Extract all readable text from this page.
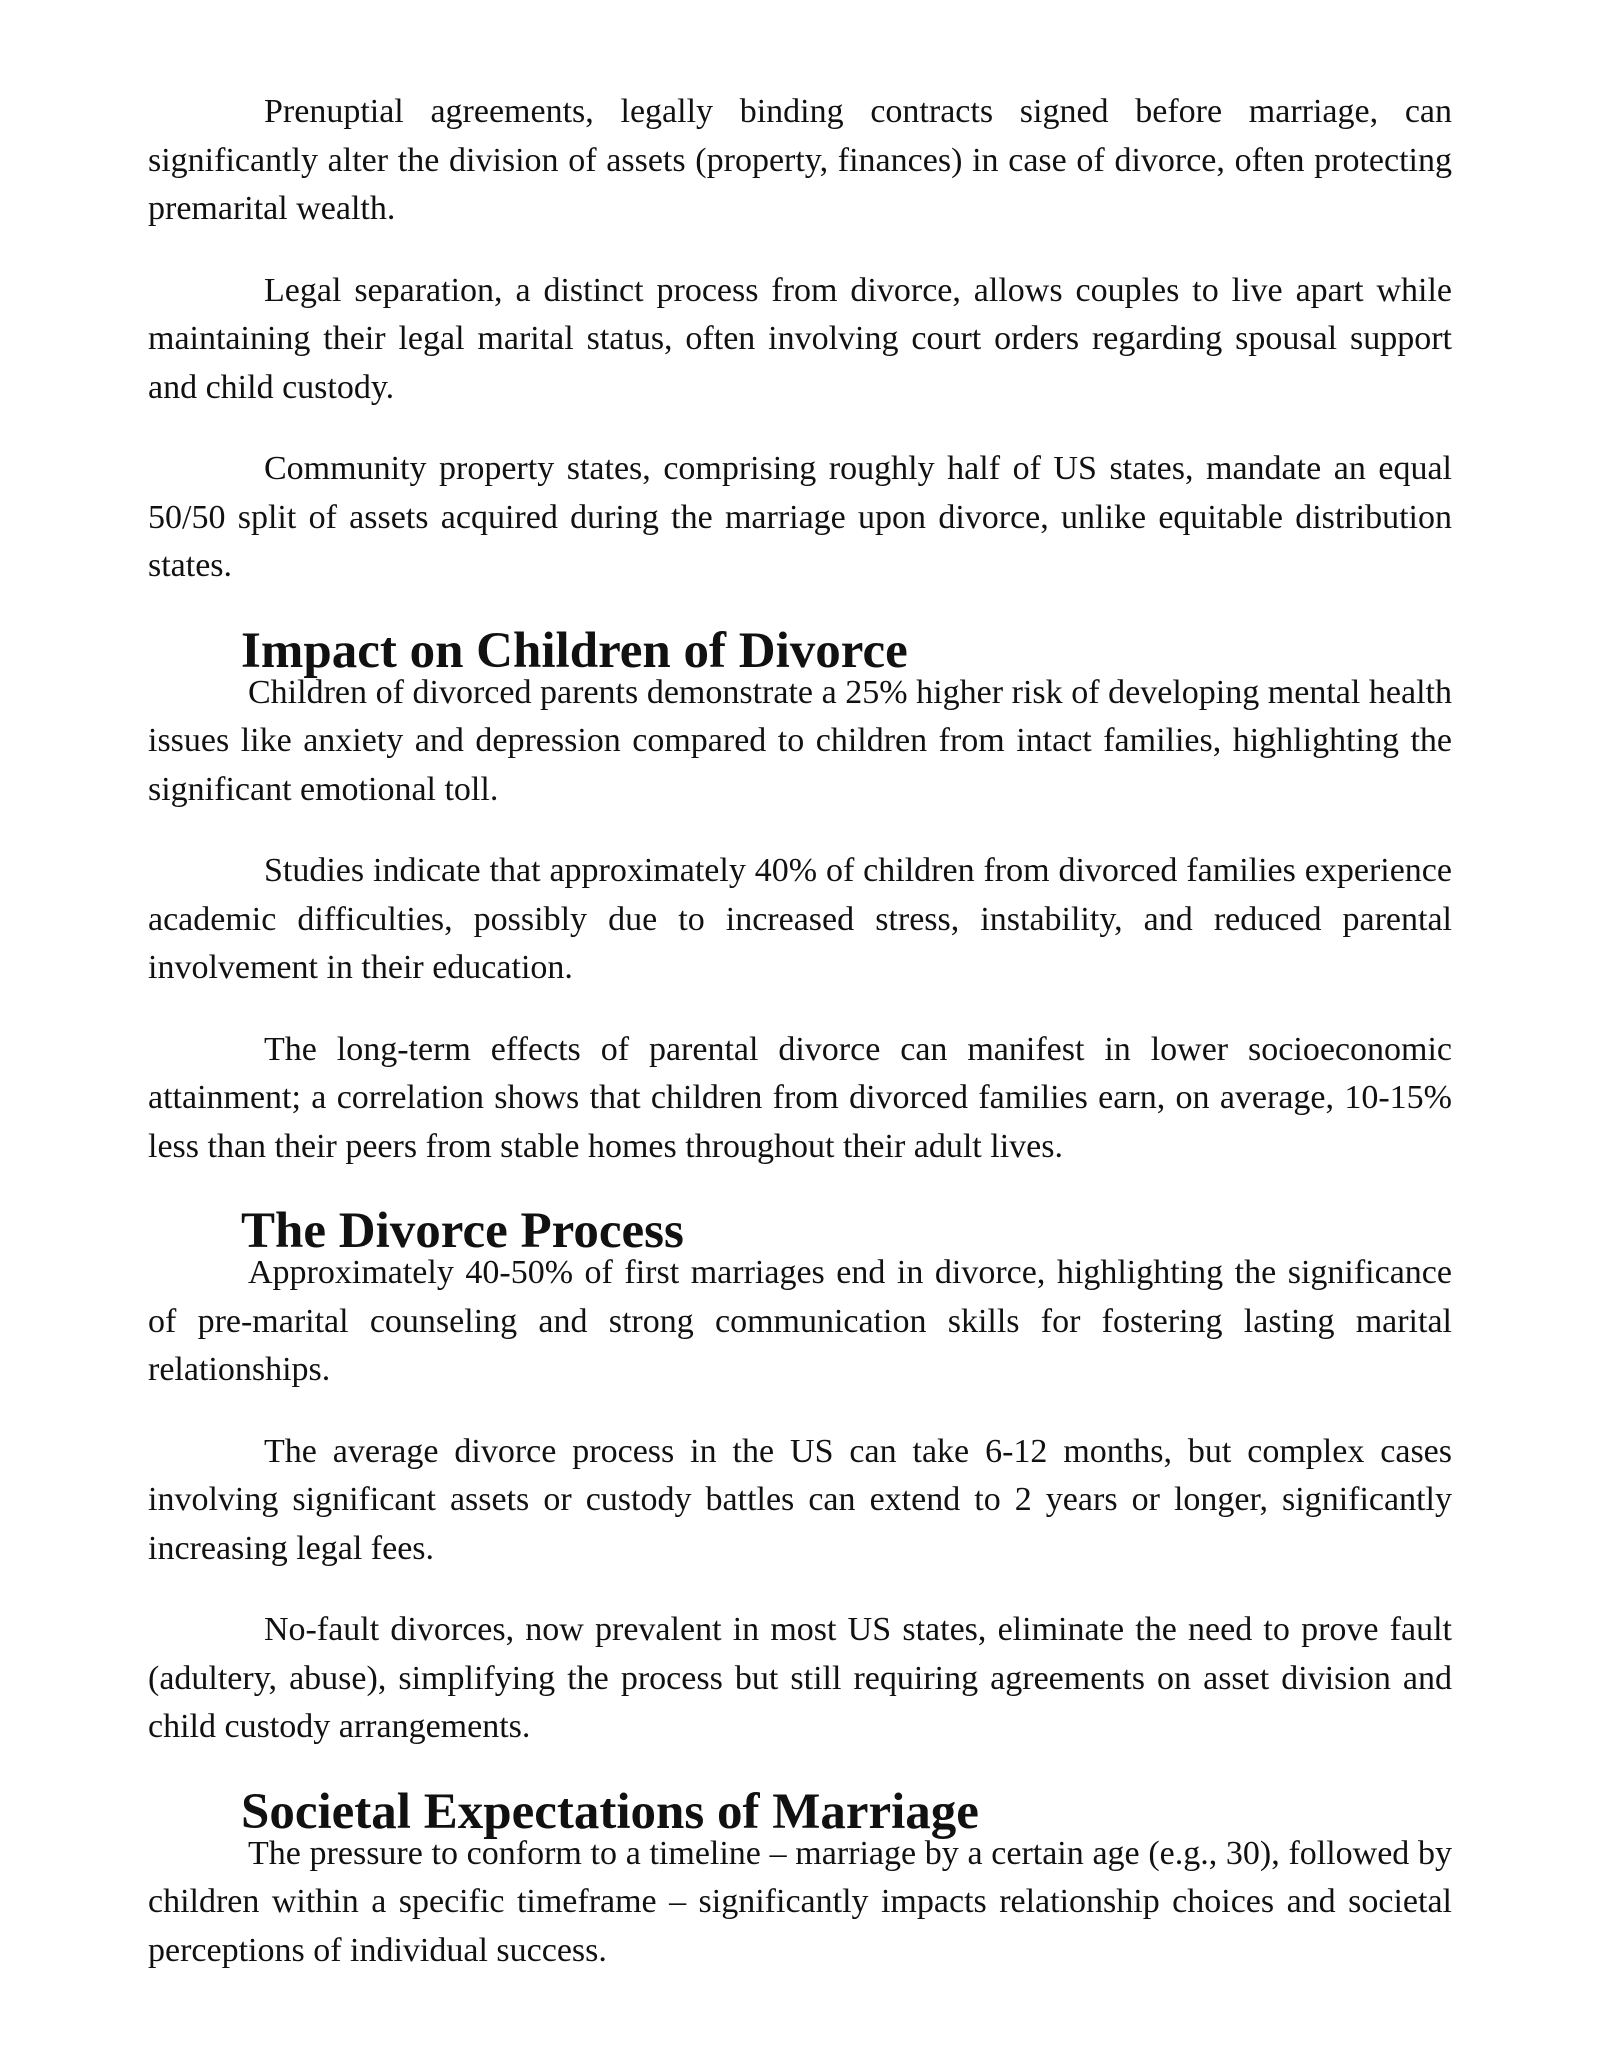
Prenuptial agreements, legally binding contracts signed before marriage, can significantly alter the division of assets (property, finances) in case of divorce, often protecting premarital wealth.

Legal separation, a distinct process from divorce, allows couples to live apart while maintaining their legal marital status, often involving court orders regarding spousal support and child custody.

Community property states, comprising roughly half of US states, mandate an equal 50/50 split of assets acquired during the marriage upon divorce, unlike equitable distribution states.

Impact on Children of Divorce

Children of divorced parents demonstrate a 25% higher risk of developing mental health issues like anxiety and depression compared to children from intact families, highlighting the significant emotional toll.

Studies indicate that approximately 40% of children from divorced families experience academic difficulties, possibly due to increased stress, instability, and reduced parental involvement in their education.

The long-term effects of parental divorce can manifest in lower socioeconomic attainment; a correlation shows that children from divorced families earn, on average, 10-15% less than their peers from stable homes throughout their adult lives.

The Divorce Process

Approximately 40-50% of first marriages end in divorce, highlighting the significance of pre-marital counseling and strong communication skills for fostering lasting marital relationships.

The average divorce process in the US can take 6-12 months, but complex cases involving significant assets or custody battles can extend to 2 years or longer, significantly increasing legal fees.

No-fault divorces, now prevalent in most US states, eliminate the need to prove fault (adultery, abuse), simplifying the process but still requiring agreements on asset division and child custody arrangements.

Societal Expectations of Marriage

The pressure to conform to a timeline – marriage by a certain age (e.g., 30), followed by children within a specific timeframe – significantly impacts relationship choices and societal perceptions of individual success.
